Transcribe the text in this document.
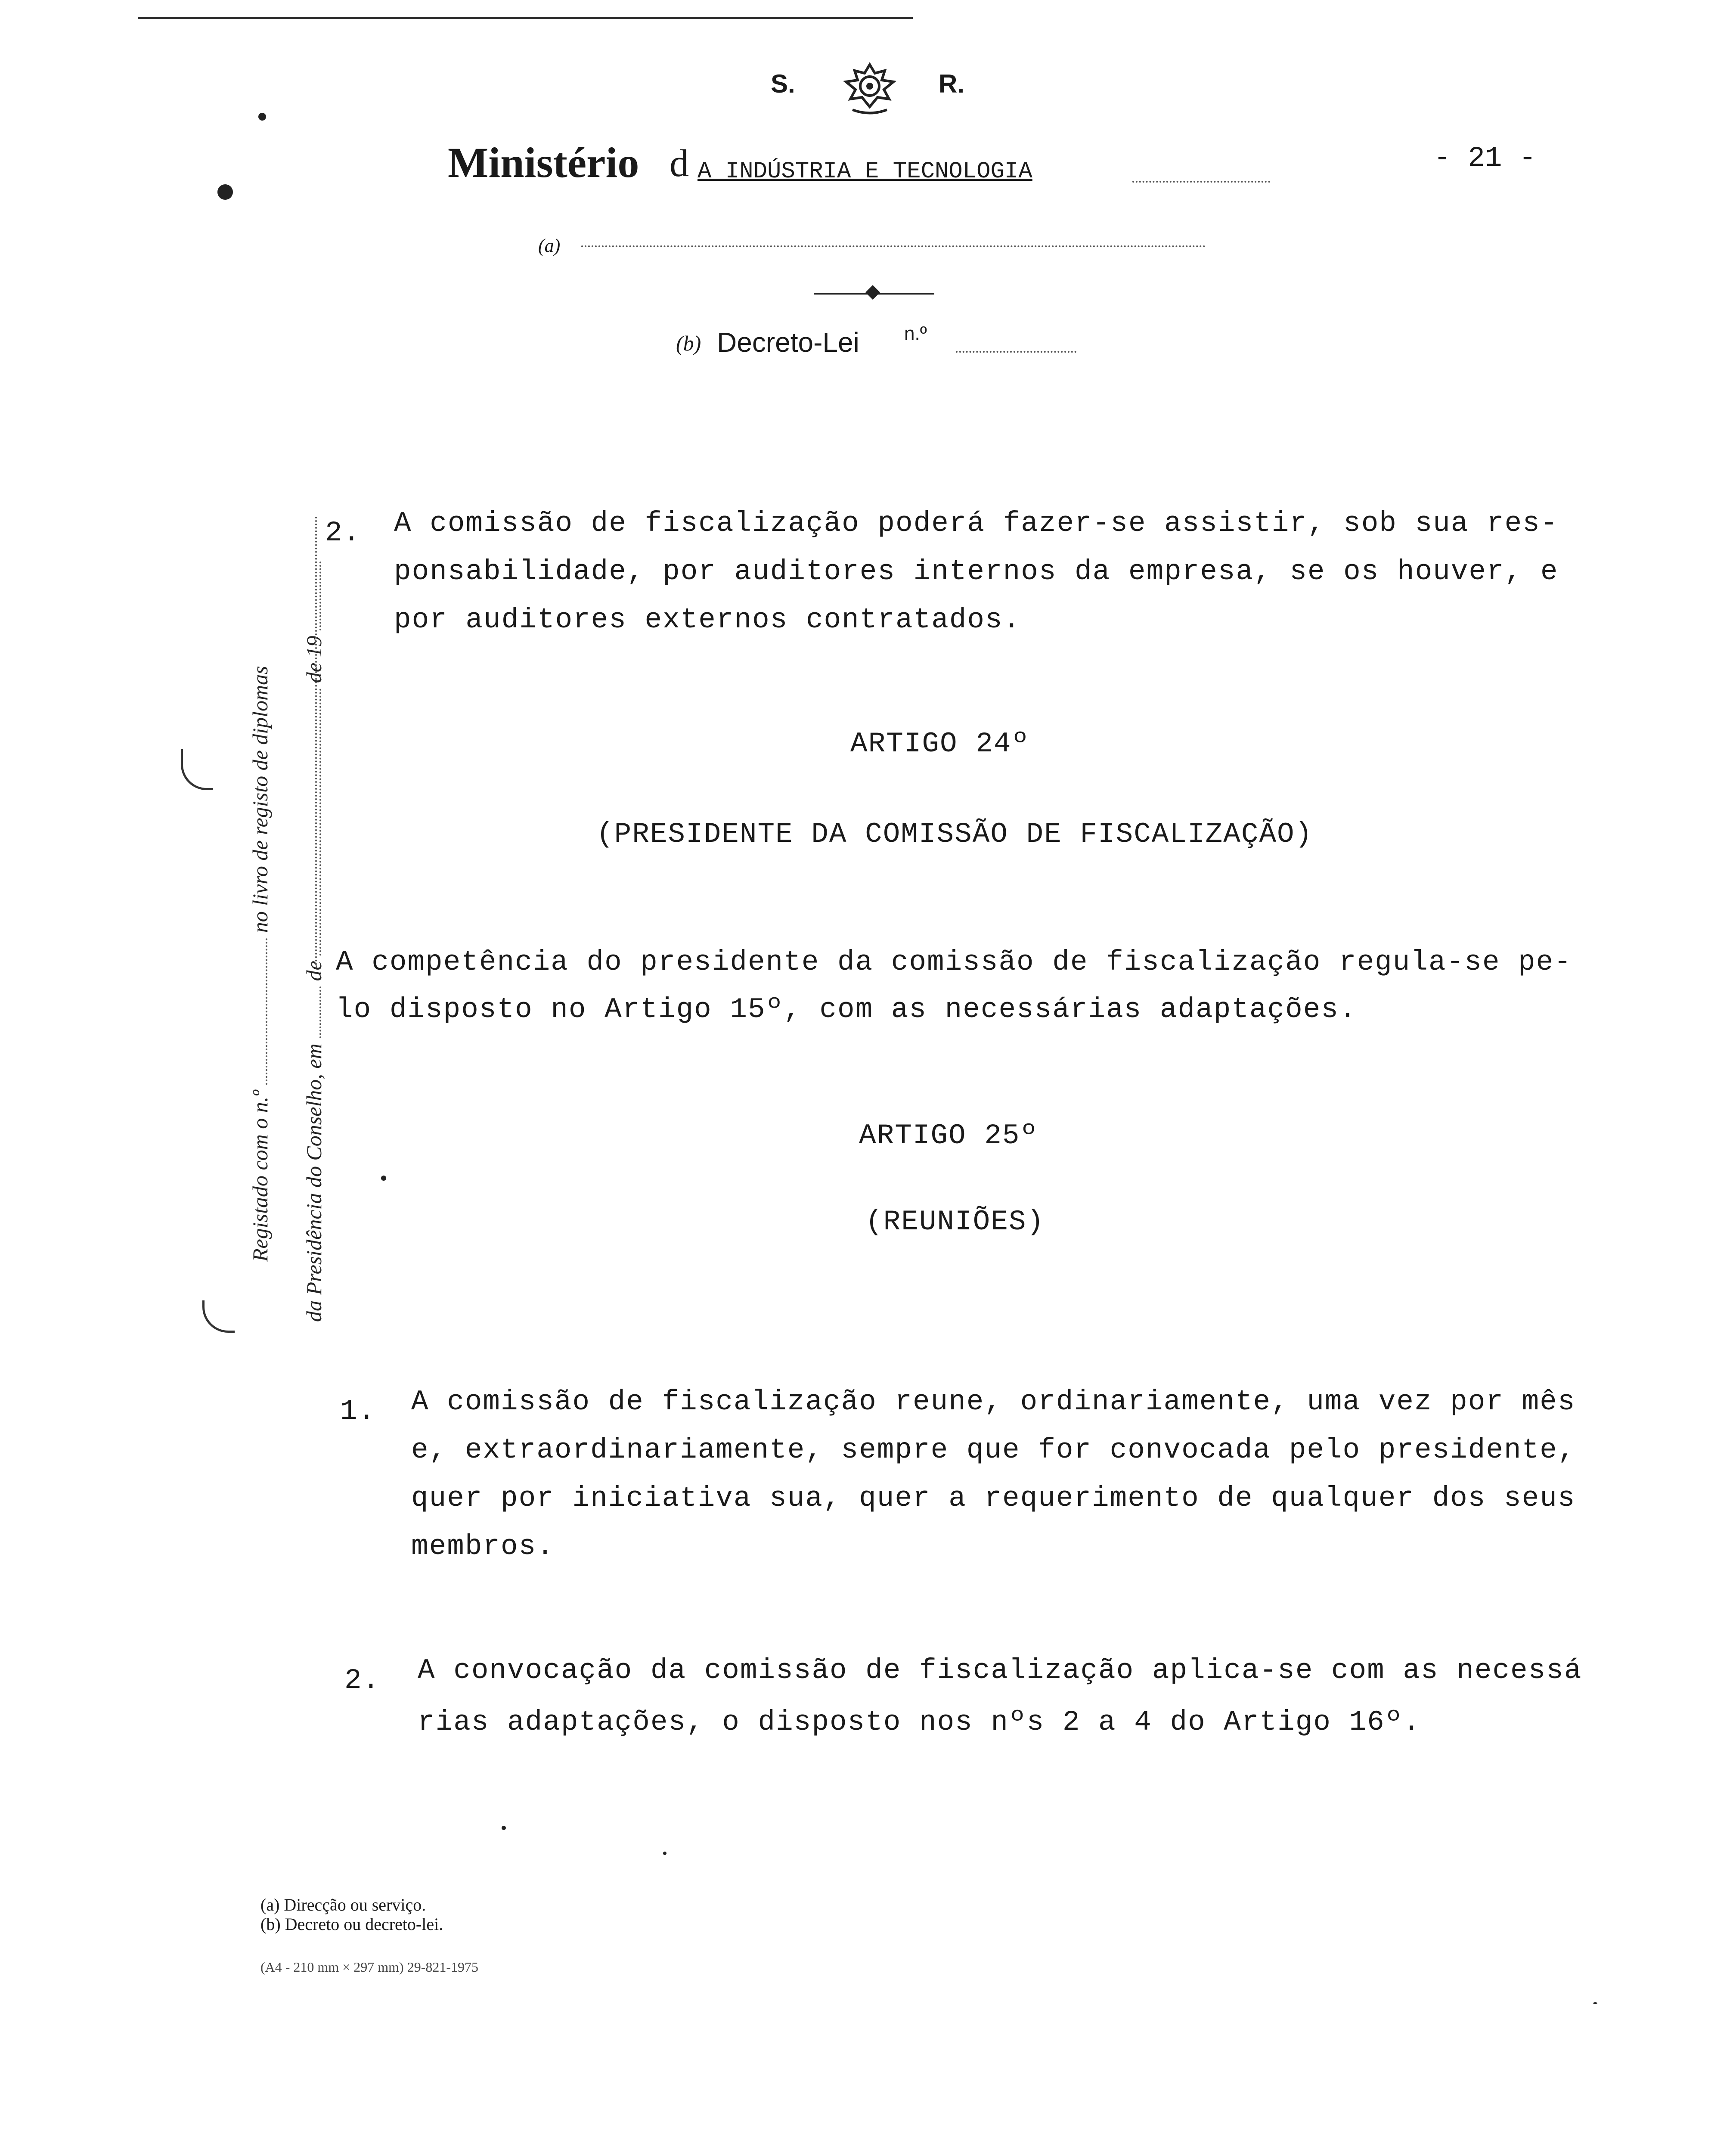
S.	R.
Ministério d A INDÚSTRIA E TECNOLOGIA	- 21 -
(a)
(b) Decreto-Lei n.º
Registado com o n.º  no livro de registo de diplomas
da Presidência do Conselho, em  de  de 19
2. A comissão de fiscalização poderá fazer-se assistir, sob sua res-
ponsabilidade, por auditores internos da empresa, se os houver, e
por auditores externos contratados.
ARTIGO 24º
(PRESIDENTE DA COMISSÃO DE FISCALIZAÇÃO)
A competência do presidente da comissão de fiscalização regula-se pe-
lo disposto no Artigo 15º, com as necessárias adaptações.
ARTIGO 25º
(REUNIÕES)
1. A comissão de fiscalização reune, ordinariamente, uma vez por mês
e, extraordinariamente, sempre que for convocada pelo presidente,
quer por iniciativa sua, quer a requerimento de qualquer dos seus
membros.
2. A convocação da comissão de fiscalização aplica-se com as necessá
rias adaptações, o disposto nos nºs 2 a 4 do Artigo 16º.
(a) Direcção ou serviço.
(b) Decreto ou decreto-lei.
(A4 - 210 mm × 297 mm) 29-821-1975
